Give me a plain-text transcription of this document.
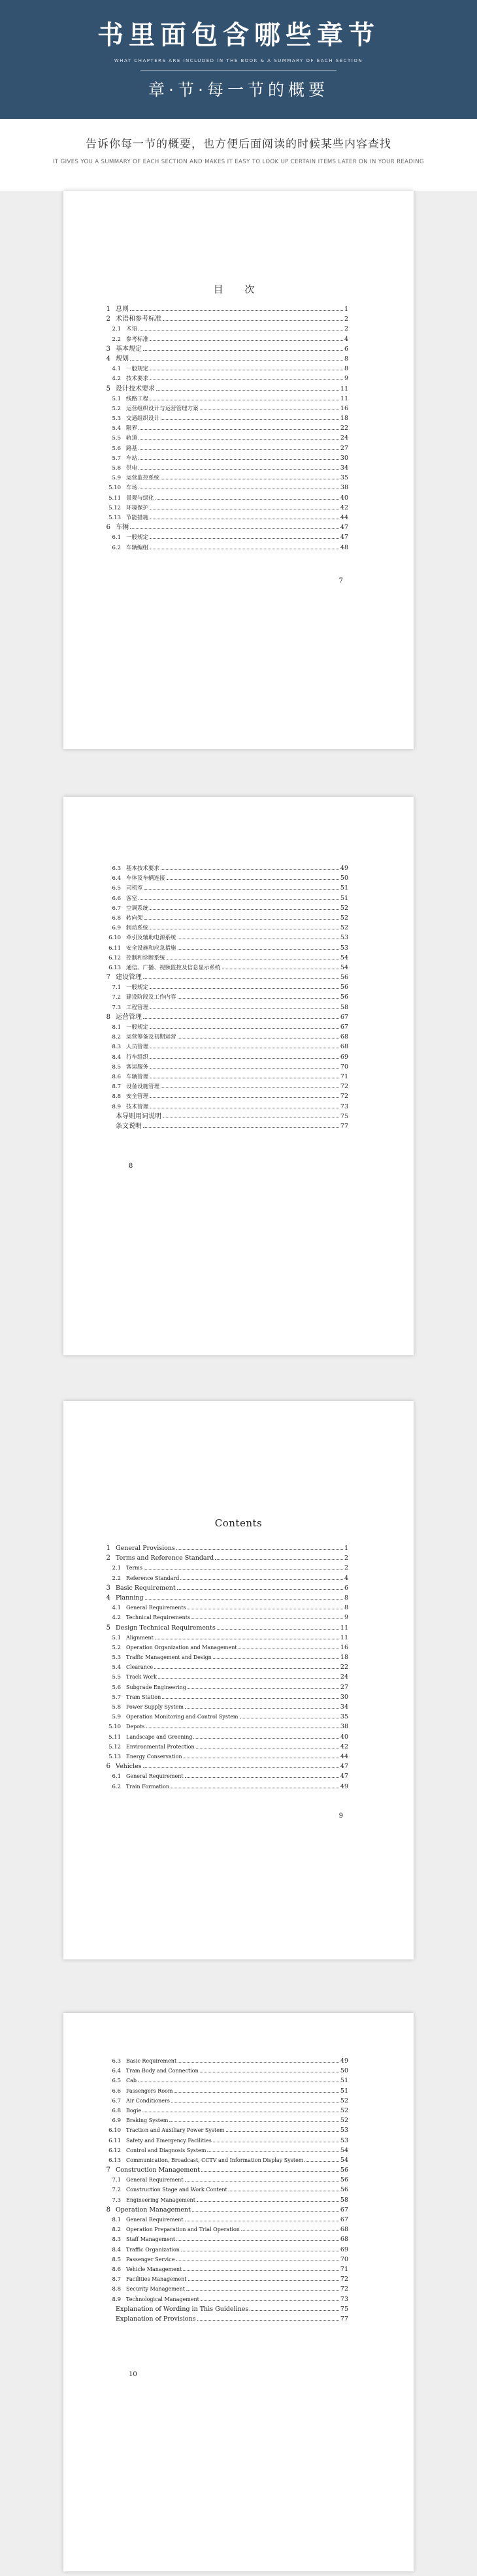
书里面包含哪些章节
WHAT CHAPTERS ARE INCLUDED IN THE BOOK & A SUMMARY OF EACH SECTION
章·节·每一节的概要
告诉你每一节的概要，也方便后面阅读的时候某些内容查找
IT GIVES YOU A SUMMARY OF EACH SECTION AND MAKES IT EASY TO LOOK UP CERTAIN ITEMS LATER ON IN YOUR READING
目 次
1 总则	1
2 术语和参考标准	2
2.1 术语	2
2.2 参考标准	4
3 基本规定	6
4 规划	8
4.1 一般规定	8
4.2 技术要求	9
5 设计技术要求	11
5.1 线路工程	11
5.2 运营组织设计与运营管理方案	16
5.3 交通组织设计	18
5.4 限界	22
5.5 轨道	24
5.6 路基	27
5.7 车站	30
5.8 供电	34
5.9 运营监控系统	35
5.10 车场	38
5.11 景观与绿化	40
5.12 环境保护	42
5.13 节能措施	44
6 车辆	47
6.1 一般规定	47
6.2 车辆编组	48
7
6.3 基本技术要求	49
6.4 车体及车辆连接	50
6.5 司机室	51
6.6 客室	51
6.7 空调系统	52
6.8 转向架	52
6.9 制动系统	52
6.10 牵引及辅助电源系统	53
6.11 安全设施和应急措施	53
6.12 控制和诊断系统	54
6.13 通信、广播、视频监控及信息显示系统	54
7 建设管理	56
7.1 一般规定	56
7.2 建设阶段及工作内容	56
7.3 工程管理	58
8 运营管理	67
8.1 一般规定	67
8.2 运营筹备及初期运营	68
8.3 人员管理	68
8.4 行车组织	69
8.5 客运服务	70
8.6 车辆管理	71
8.7 设备设施管理	72
8.8 安全管理	72
8.9 技术管理	73
本导则用词说明	75
条文说明	77
8
Contents
1 General Provisions	1
2 Terms and Reference Standard	2
2.1	Terms	2
2.2	Reference Standard	4
3 Basic Requirement	6
4 Planning	8
4.1	General Requirements	8
4.2	Technical Requirements	9
5 Design Technical Requirements	11
5.1	Alignment	11
5.2	Operation Organization and Management	16
5.3	Traffic Management and Design	18
5.4	Clearance	22
5.5	Track Work	24
5.6	Subgrade Engineering	27
5.7	Tram Station	30
5.8	Power Supply System	34
5.9	Operation Monitoring and Control System	35
5.10	Depots	38
5.11	Landscape and Greening	40
5.12	Environmental Protection	42
5.13	Energy Conservation	44
6 Vehicles	47
6.1	General Requirement	47
6.2	Train Formation	49
9
6.3	Basic Requirement	49
6.4	Tram Body and Connection	50
6.5	Cab	51
6.6	Passengers Room	51
6.7	Air Conditioners	52
6.8	Bogie	52
6.9	Braking System	52
6.10	Traction and Auxiliary Power System	53
6.11	Safety and Emergency Facilities	53
6.12	Control and Diagnosis System	54
6.13	Communication, Broadcast, CCTV and Information Display System	54
7 Construction Management	56
7.1	General Requirement	56
7.2	Construction Stage and Work Content	56
7.3	Engineering Management	58
8 Operation Management	67
8.1	General Requirement	67
8.2	Operation Preparation and Trial Operation	68
8.3	Staff Management	68
8.4	Traffic Organization	69
8.5	Passenger Service	70
8.6	Vehicle Management	71
8.7	Facilities Management	72
8.8	Security Management	72
8.9	Technological Management	73
Explanation of Wording in This Guidelines	75
Explanation of Provisions	77
10
